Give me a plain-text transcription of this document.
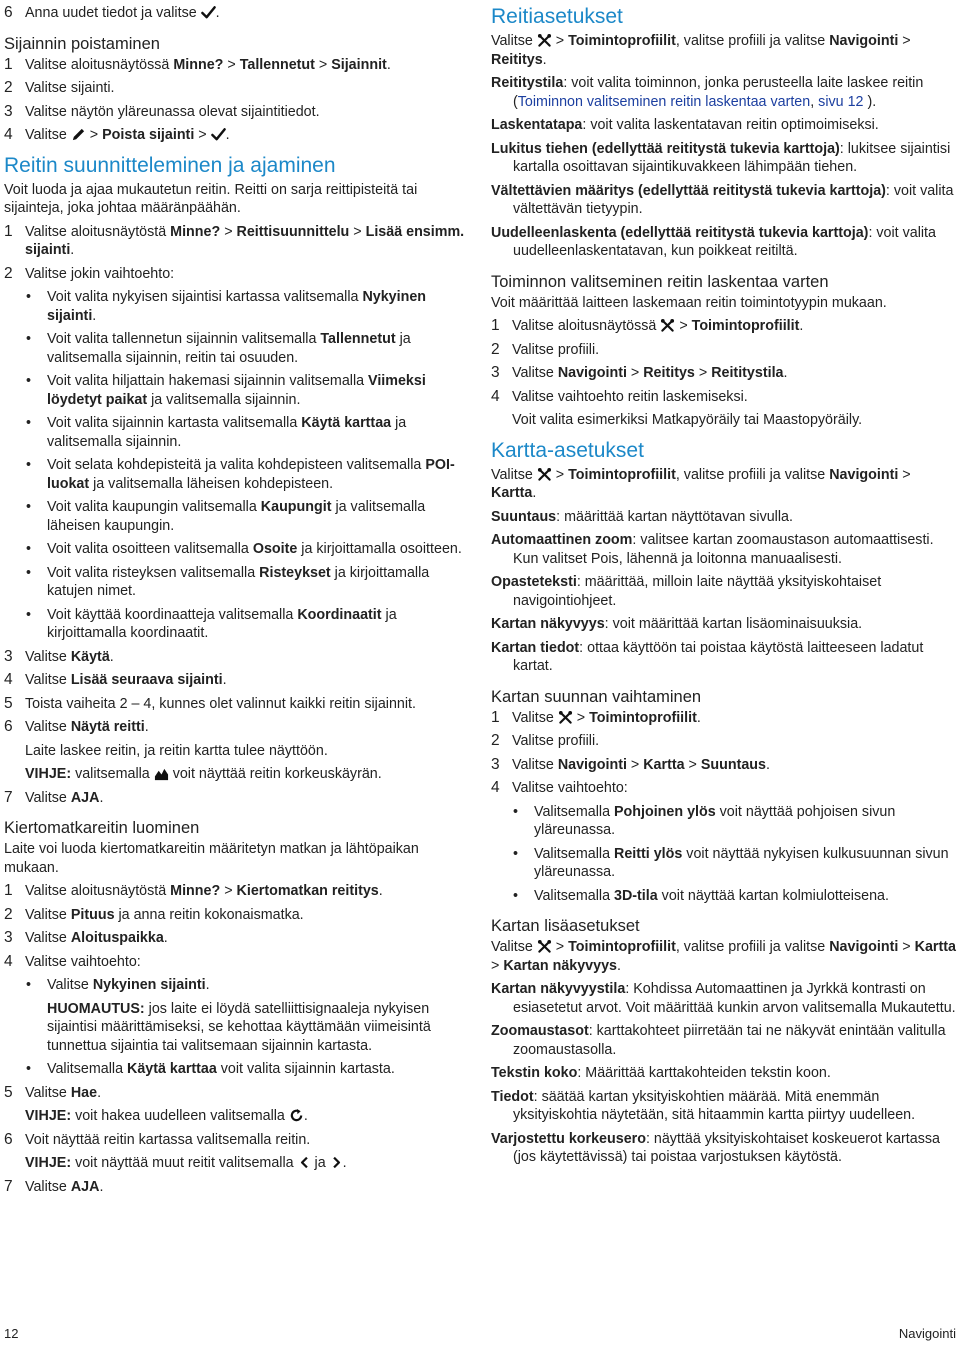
6 Anna uudet tiedot ja valitse .
Sijainnin poistaminen
1 Valitse aloitusnäytössä Minne? > Tallennetut > Sijainnit.
2 Valitse sijainti.
3 Valitse näytön yläreunassa olevat sijaintitiedot.
4 Valitse  > Poista sijainti > .
Reitin suunnitteleminen ja ajaminen

Voit luoda ja ajaa mukautetun reitin. Reitti on sarja reittipisteitä tai sijainteja, joka johtaa määränpäähän.

1 Valitse aloitusnäytöstä Minne? > Reittisuunnittelu > Lisää ensimm. sijainti.
2 Valitse jokin vaihtoehto:
• Voit valita nykyisen sijaintisi kartassa valitsemalla Nykyinen sijainti.
• Voit valita tallennetun sijainnin valitsemalla Tallennetut ja valitsemalla sijainnin, reitin tai osuuden.
• Voit valita hiljattain hakemasi sijainnin valitsemalla Viimeksi löydetyt paikat ja valitsemalla sijainnin.
• Voit valita sijainnin kartasta valitsemalla Käytä karttaa ja valitsemalla sijainnin.
• Voit selata kohdepisteitä ja valita kohdepisteen valitsemalla POI-luokat ja valitsemalla läheisen kohdepisteen.
• Voit valita kaupungin valitsemalla Kaupungit ja valitsemalla läheisen kaupungin.
• Voit valita osoitteen valitsemalla Osoite ja kirjoittamalla osoitteen.
• Voit valita risteyksen valitsemalla Risteykset ja kirjoittamalla katujen nimet.
• Voit käyttää koordinaatteja valitsemalla Koordinaatit ja kirjoittamalla koordinaatit.
3 Valitse Käytä.
4 Valitse Lisää seuraava sijainti.
5 Toista vaiheita 2 – 4, kunnes olet valinnut kaikki reitin sijainnit.
6 Valitse Näytä reitti.
Laite laskee reitin, ja reitin kartta tulee näyttöön.
VIHJE: valitsemalla  voit näyttää reitin korkeuskäyrän.
7 Valitse AJA.
Kiertomatkareitin luominen

Laite voi luoda kiertomatkareitin määritetyn matkan ja lähtöpaikan mukaan.

1 Valitse aloitusnäytöstä Minne? > Kiertomatkan reititys.
2 Valitse Pituus ja anna reitin kokonaismatka.
3 Valitse Aloituspaikka.
4 Valitse vaihtoehto:
• Valitse Nykyinen sijainti.
HUOMAUTUS: jos laite ei löydä satelliittisignaaleja nykyisen sijaintisi määrittämiseksi, se kehottaa käyttämään viimeisintä tunnettua sijaintia tai valitsemaan sijainnin kartasta.
• Valitsemalla Käytä karttaa voit valita sijainnin kartasta.
5 Valitse Hae.
VIHJE: voit hakea uudelleen valitsemalla .
6 Voit näyttää reitin kartassa valitsemalla reitin.
VIHJE: voit näyttää muut reitit valitsemalla  ja .
7 Valitse AJA.
Reitiasetukset

Valitse  > Toimintoprofiilit, valitse profiili ja valitse Navigointi > Reititys.

Reititystila: voit valita toiminnon, jonka perusteella laite laskee reitin (Toiminnon valitseminen reitin laskentaa varten, sivu 12 ).
Laskentatapa: voit valita laskentatavan reitin optimoimiseksi.
Lukitus tiehen (edellyttää reititystä tukevia karttoja): lukitsee sijaintisi kartalla osoittavan sijaintikuvakkeen lähimpään tiehen.
Vältettävien määritys (edellyttää reititystä tukevia karttoja): voit valita vältettävän tietyypin.
Uudelleenlaskenta (edellyttää reititystä tukevia karttoja): voit valita uudelleenlaskentatavan, kun poikkeat reitiltä.
Toiminnon valitseminen reitin laskentaa varten

Voit määrittää laitteen laskemaan reitin toimintotyypin mukaan.

1 Valitse aloitusnäytössä  > Toimintoprofiilit.
2 Valitse profiili.
3 Valitse Navigointi > Reititys > Reititystila.
4 Valitse vaihtoehto reitin laskemiseksi.
Voit valita esimerkiksi Matkapyöräily tai Maastopyöräily.
Kartta-asetukset

Valitse  > Toimintoprofiilit, valitse profiili ja valitse Navigointi > Kartta.

Suuntaus: määrittää kartan näyttötavan sivulla.
Automaattinen zoom: valitsee kartan zoomaustason automaattisesti. Kun valitset Pois, lähennä ja loitonna manuaalisesti.
Opasteteksti: määrittää, milloin laite näyttää yksityiskohtaiset navigointiohjeet.
Kartan näkyvyys: voit määrittää kartan lisäominaisuuksia.
Kartan tiedot: ottaa käyttöön tai poistaa käytöstä laitteeseen ladatut kartat.
Kartan suunnan vaihtaminen
1 Valitse  > Toimintoprofiilit.
2 Valitse profiili.
3 Valitse Navigointi > Kartta > Suuntaus.
4 Valitse vaihtoehto:
• Valitsemalla Pohjoinen ylös voit näyttää pohjoisen sivun yläreunassa.
• Valitsemalla Reitti ylös voit näyttää nykyisen kulkusuunnan sivun yläreunassa.
• Valitsemalla 3D-tila voit näyttää kartan kolmiulotteisena.
Kartan lisäasetukset

Valitse  > Toimintoprofiilit, valitse profiili ja valitse Navigointi > Kartta > Kartan näkyvyys.

Kartan näkyvyystila: Kohdissa Automaattinen ja Jyrkkä kontrasti on esiasetetut arvot. Voit määrittää kunkin arvon valitsemalla Mukautettu.
Zoomaustasot: karttakohteet piirretään tai ne näkyvät enintään valitulla zoomaustasolla.
Tekstin koko: Määrittää karttakohteiden tekstin koon.
Tiedot: säätää kartan yksityiskohtien määrää. Mitä enemmän yksityiskohtia näytetään, sitä hitaammin kartta piirtyy uudelleen.
Varjostettu korkeusero: näyttää yksityiskohtaiset koskeuerot kartassa (jos käytettävissä) tai poistaa varjostuksen käytöstä.
12	Navigointi
